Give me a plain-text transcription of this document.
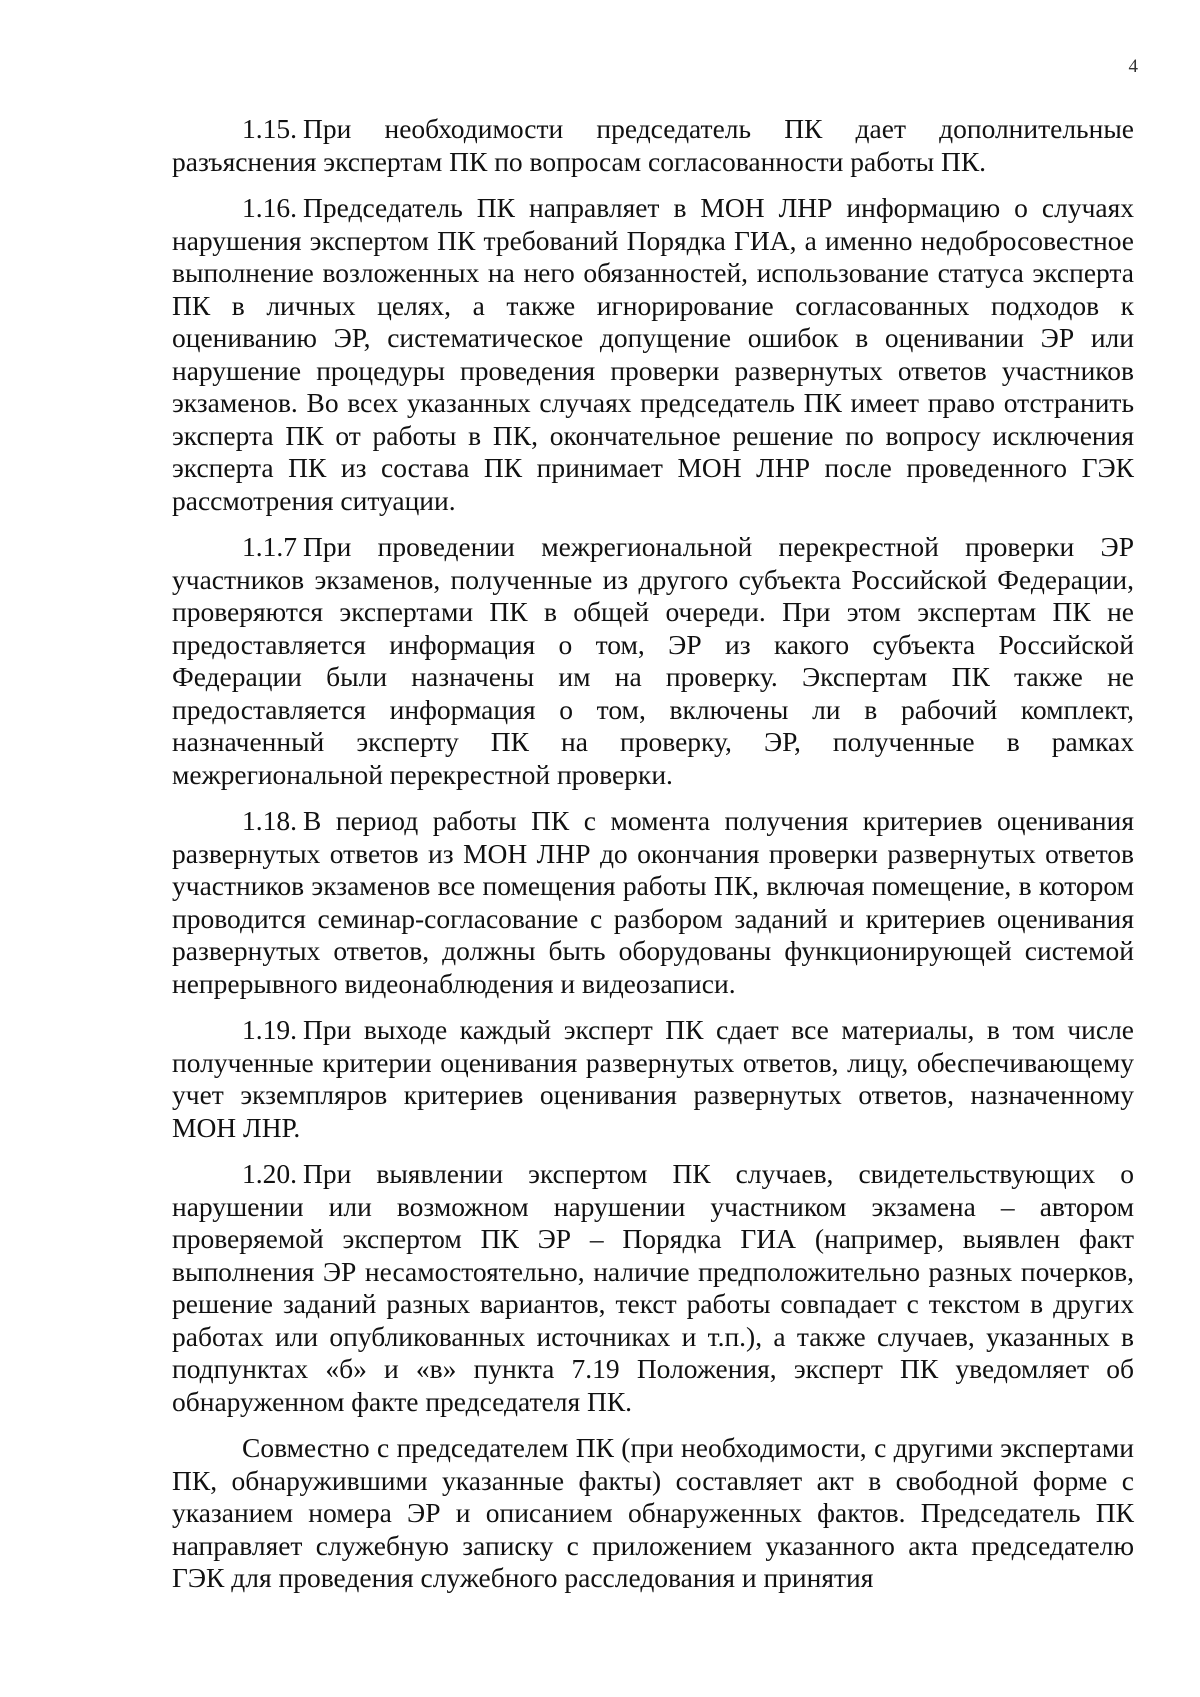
4

1.15. При необходимости председатель ПК дает дополнительные разъяснения экспертам ПК по вопросам согласованности работы ПК.

1.16. Председатель ПК направляет в МОН ЛНР информацию о случаях нарушения экспертом ПК требований Порядка ГИА, а именно недобросовестное выполнение возложенных на него обязанностей, использование статуса эксперта ПК в личных целях, а также игнорирование согласованных подходов к оцениванию ЭР, систематическое допущение ошибок в оценивании ЭР или нарушение процедуры проведения проверки развернутых ответов участников экзаменов. Во всех указанных случаях председатель ПК имеет право отстранить эксперта ПК от работы в ПК, окончательное решение по вопросу исключения эксперта ПК из состава ПК принимает МОН ЛНР после проведенного ГЭК рассмотрения ситуации.

1.1.7 При проведении межрегиональной перекрестной проверки ЭР участников экзаменов, полученные из другого субъекта Российской Федерации, проверяются экспертами ПК в общей очереди. При этом экспертам ПК не предоставляется информация о том, ЭР из какого субъекта Российской Федерации были назначены им на проверку. Экспертам ПК также не предоставляется информация о том, включены ли в рабочий комплект, назначенный эксперту ПК на проверку, ЭР, полученные в рамках межрегиональной перекрестной проверки.

1.18. В период работы ПК с момента получения критериев оценивания развернутых ответов из МОН ЛНР до окончания проверки развернутых ответов участников экзаменов все помещения работы ПК, включая помещение, в котором проводится семинар-согласование с разбором заданий и критериев оценивания развернутых ответов, должны быть оборудованы функционирующей системой непрерывного видеонаблюдения и видеозаписи.

1.19. При выходе каждый эксперт ПК сдает все материалы, в том числе полученные критерии оценивания развернутых ответов, лицу, обеспечивающему учет экземпляров критериев оценивания развернутых ответов, назначенному МОН ЛНР.

1.20. При выявлении экспертом ПК случаев, свидетельствующих о нарушении или возможном нарушении участником экзамена – автором проверяемой экспертом ПК ЭР – Порядка ГИА (например, выявлен факт выполнения ЭР несамостоятельно, наличие предположительно разных почерков, решение заданий разных вариантов, текст работы совпадает с текстом в других работах или опубликованных источниках и т.п.), а также случаев, указанных в подпунктах «б» и «в» пункта 7.19 Положения, эксперт ПК уведомляет об обнаруженном факте председателя ПК.

Совместно с председателем ПК (при необходимости, с другими экспертами ПК, обнаружившими указанные факты) составляет акт в свободной форме с указанием номера ЭР и описанием обнаруженных фактов. Председатель ПК направляет служебную записку с приложением указанного акта председателю ГЭК для проведения служебного расследования и принятия
